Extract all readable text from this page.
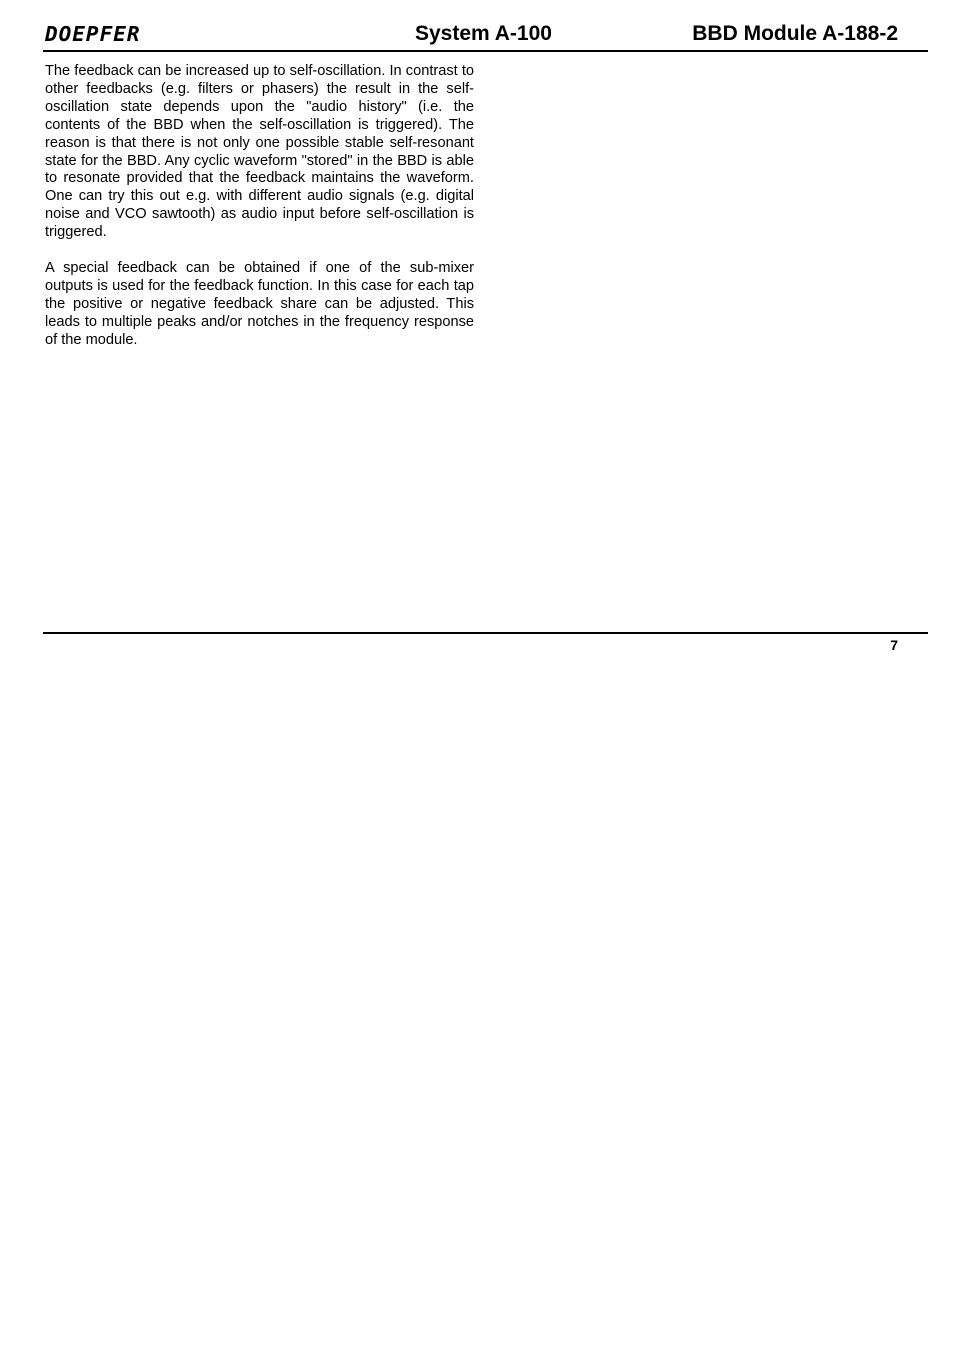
DOEPFER	System A-100	BBD Module A-188-2

The feedback can be increased up to self-oscillation. In contrast to other feedbacks (e.g. filters or phasers) the result in the self-oscillation state depends upon the "audio history" (i.e. the contents of the BBD when the self-oscillation is triggered). The reason is that there is not only one possible stable self-resonant state for the BBD. Any cyclic waveform "stored" in the BBD is able to resonate provided that the feedback maintains the waveform. One can try this out e.g. with different audio signals (e.g. digital noise and VCO sawtooth) as audio input before self-oscillation is triggered.

A special feedback can be obtained if one of the sub-mixer outputs is used for the feedback function. In this case for each tap the positive or negative feedback share can be adjusted. This leads to multiple peaks and/or notches in the frequency response of the module.

7
